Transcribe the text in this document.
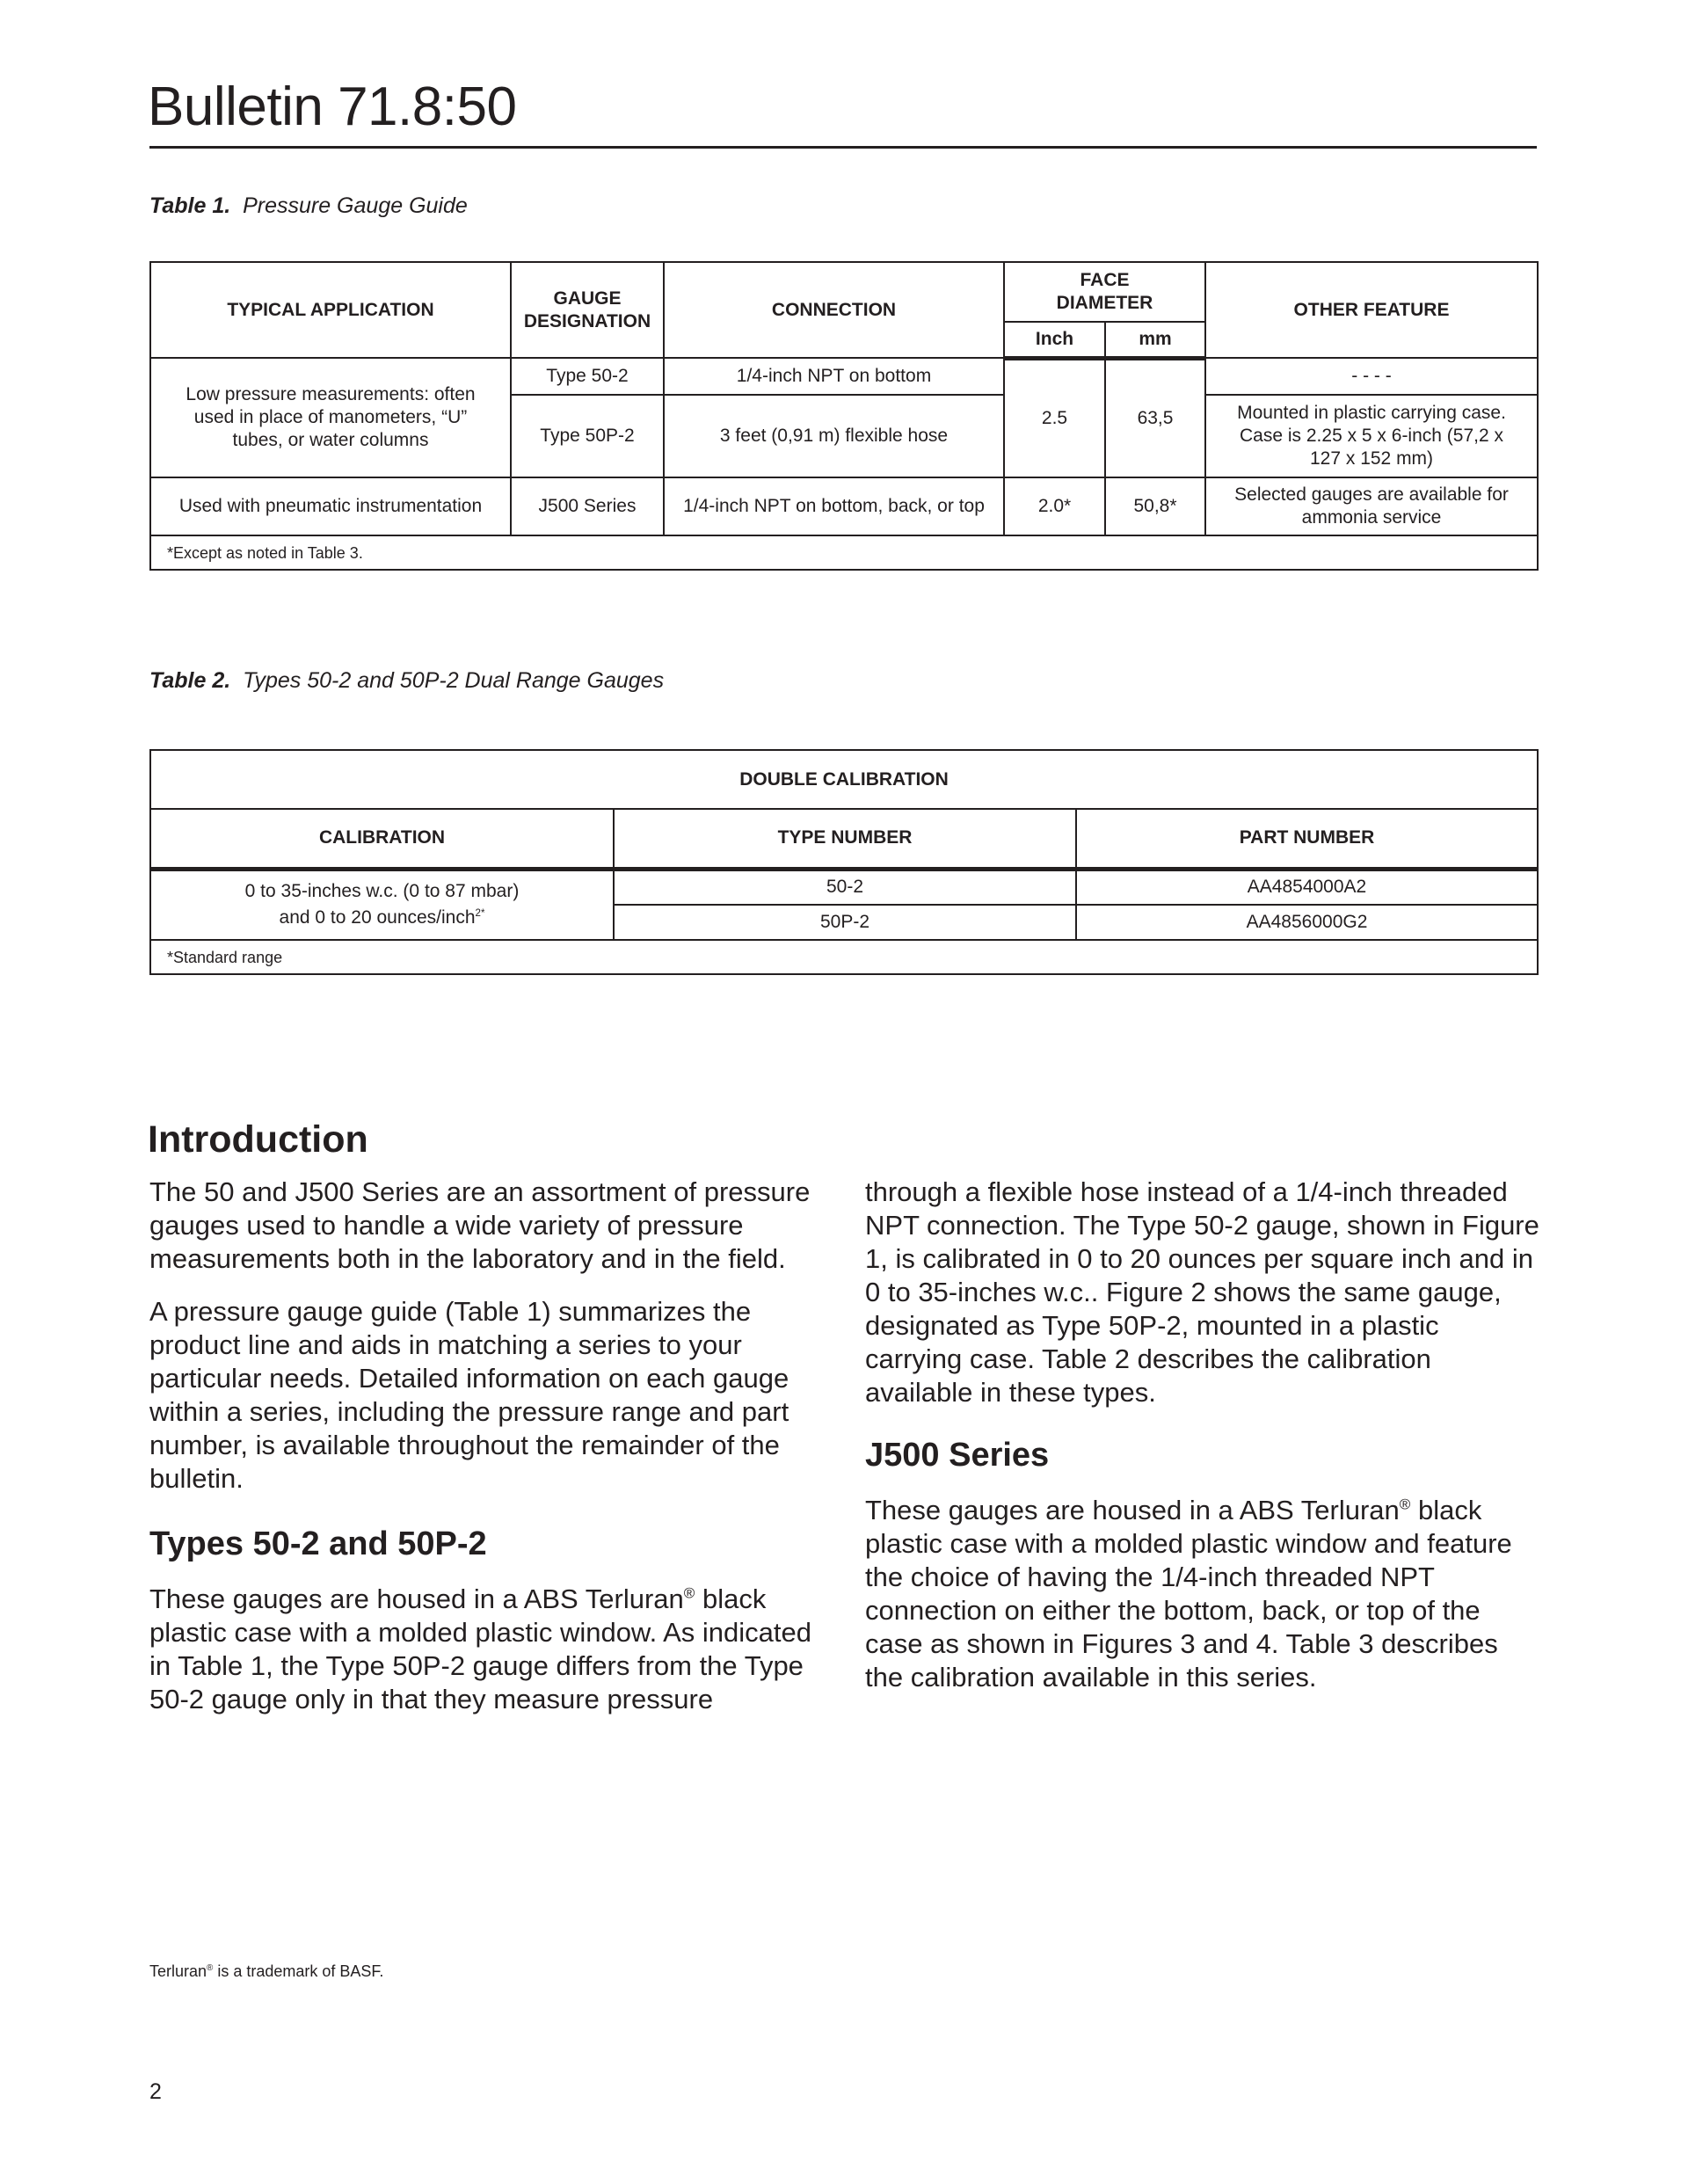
Bulletin 71.8:50
Table 1. Pressure Gauge Guide
TYPICAL APPLICATION	GAUGE DESIGNATION	CONNECTION	FACE DIAMETER		OTHER FEATURE
			Inch	mm	
Low pressure measurements: often used in place of manometers, “U” tubes, or water columns	Type 50-2	1/4-inch NPT on bottom	2.5	63,5	- - - -
	Type 50P-2	3 feet (0,91 m) flexible hose			Mounted in plastic carrying case. Case is 2.25 x 5 x 6-inch (57,2 x 127 x 152 mm)
Used with pneumatic instrumentation	J500 Series	1/4-inch NPT on bottom, back, or top	2.0*	50,8*	Selected gauges are available for ammonia service
*Except as noted in Table 3.					
Table 2. Types 50-2 and 50P-2 Dual Range Gauges
DOUBLE CALIBRATION		
CALIBRATION	TYPE NUMBER	PART NUMBER
0 to 35-inches w.c. (0 to 87 mbar)
and 0 to 20 ounces/inch$^{2*}$	50-2	AA4854000A2
	50P-2	AA4856000G2
*Standard range		
Introduction

The 50 and J500 Series are an assortment of pressure gauges used to handle a wide variety of pressure measurements both in the laboratory and in the field.

A pressure gauge guide (Table 1) summarizes the product line and aids in matching a series to your particular needs. Detailed information on each gauge within a series, including the pressure range and part number, is available throughout the remainder of the bulletin.

Types 50-2 and 50P-2

These gauges are housed in a ABS Terluran® black plastic case with a molded plastic window. As indicated in Table 1, the Type 50P-2 gauge differs from the Type 50-2 gauge only in that they measure pressure

through a flexible hose instead of a 1/4-inch threaded NPT connection. The Type 50-2 gauge, shown in Figure 1, is calibrated in 0 to 20 ounces per square inch and in 0 to 35-inches w.c.. Figure 2 shows the same gauge, designated as Type 50P-2, mounted in a plastic carrying case. Table 2 describes the calibration available in these types.

J500 Series

These gauges are housed in a ABS Terluran® black plastic case with a molded plastic window and feature the choice of having the 1/4-inch threaded NPT connection on either the bottom, back, or top of the case as shown in Figures 3 and 4. Table 3 describes the calibration available in this series.

Terluran® is a trademark of BASF.
2
